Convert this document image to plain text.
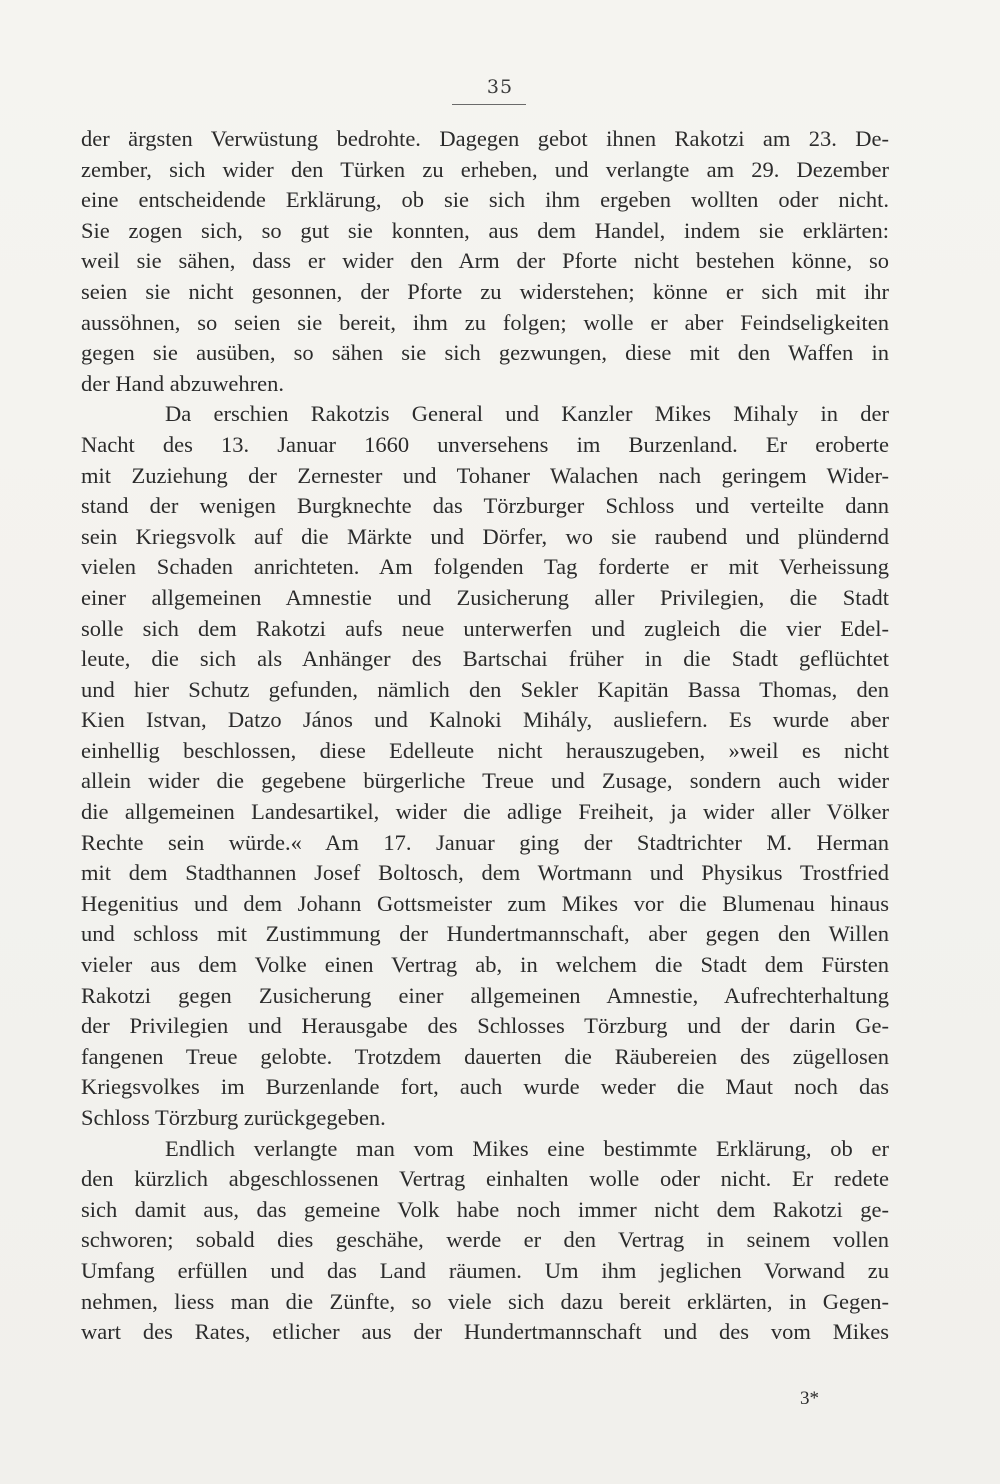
35

der ärgsten Verwüstung bedrohte. Dagegen gebot ihnen Rakotzi am 23. De-
zember, sich wider den Türken zu erheben, und verlangte am 29. Dezember
eine entscheidende Erklärung, ob sie sich ihm ergeben wollten oder nicht.
Sie zogen sich, so gut sie konnten, aus dem Handel, indem sie erklärten:
weil sie sähen, dass er wider den Arm der Pforte nicht bestehen könne, so
seien sie nicht gesonnen, der Pforte zu widerstehen; könne er sich mit ihr
aussöhnen, so seien sie bereit, ihm zu folgen; wolle er aber Feindseligkeiten
gegen sie ausüben, so sähen sie sich gezwungen, diese mit den Waffen in
der Hand abzuwehren.

Da erschien Rakotzis General und Kanzler Mikes Mihaly in der
Nacht des 13. Januar 1660 unversehens im Burzenland. Er eroberte
mit Zuziehung der Zernester und Tohaner Walachen nach geringem Wider-
stand der wenigen Burgknechte das Törzburger Schloss und verteilte dann
sein Kriegsvolk auf die Märkte und Dörfer, wo sie raubend und plündernd
vielen Schaden anrichteten. Am folgenden Tag forderte er mit Verheissung
einer allgemeinen Amnestie und Zusicherung aller Privilegien, die Stadt
solle sich dem Rakotzi aufs neue unterwerfen und zugleich die vier Edel-
leute, die sich als Anhänger des Bartschai früher in die Stadt geflüchtet
und hier Schutz gefunden, nämlich den Sekler Kapitän Bassa Thomas, den
Kien Istvan, Datzo János und Kalnoki Mihály, ausliefern. Es wurde aber
einhellig beschlossen, diese Edelleute nicht herauszugeben, »weil es nicht
allein wider die gegebene bürgerliche Treue und Zusage, sondern auch wider
die allgemeinen Landesartikel, wider die adlige Freiheit, ja wider aller Völker
Rechte sein würde.« Am 17. Januar ging der Stadtrichter M. Herman
mit dem Stadthannen Josef Boltosch, dem Wortmann und Physikus Trostfried
Hegenitius und dem Johann Gottsmeister zum Mikes vor die Blumenau hinaus
und schloss mit Zustimmung der Hundertmannschaft, aber gegen den Willen
vieler aus dem Volke einen Vertrag ab, in welchem die Stadt dem Fürsten
Rakotzi gegen Zusicherung einer allgemeinen Amnestie, Aufrechterhaltung
der Privilegien und Herausgabe des Schlosses Törzburg und der darin Ge-
fangenen Treue gelobte. Trotzdem dauerten die Räubereien des zügellosen
Kriegsvolkes im Burzenlande fort, auch wurde weder die Maut noch das
Schloss Törzburg zurückgegeben.

Endlich verlangte man vom Mikes eine bestimmte Erklärung, ob er
den kürzlich abgeschlossenen Vertrag einhalten wolle oder nicht. Er redete
sich damit aus, das gemeine Volk habe noch immer nicht dem Rakotzi ge-
schworen; sobald dies geschähe, werde er den Vertrag in seinem vollen
Umfang erfüllen und das Land räumen. Um ihm jeglichen Vorwand zu
nehmen, liess man die Zünfte, so viele sich dazu bereit erklärten, in Gegen-
wart des Rates, etlicher aus der Hundertmannschaft und des vom Mikes

3*
